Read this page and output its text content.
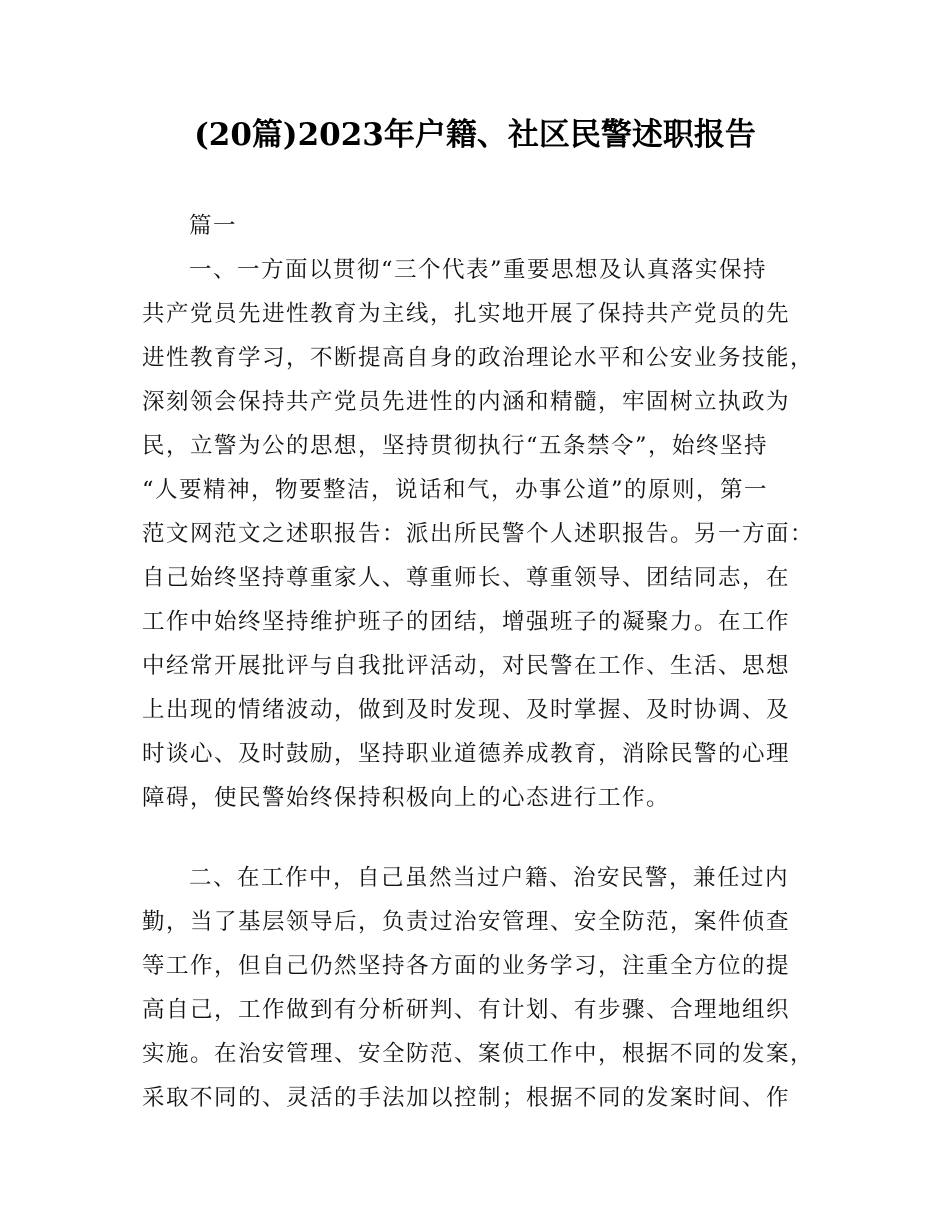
(20篇)2023年户籍、社区民警述职报告
篇一
一、一方面以贯彻“三个代表”重要思想及认真落实保持
共产党员先进性教育为主线，扎实地开展了保持共产党员的先
进性教育学习，不断提高自身的政治理论水平和公安业务技能，
深刻领会保持共产党员先进性的内涵和精髓，牢固树立执政为
民，立警为公的思想，坚持贯彻执行“五条禁令”，始终坚持
“人要精神，物要整洁，说话和气，办事公道”的原则，第一
范文网范文之述职报告：派出所民警个人述职报告。另一方面：
自己始终坚持尊重家人、尊重师长、尊重领导、团结同志，在
工作中始终坚持维护班子的团结，增强班子的凝聚力。在工作
中经常开展批评与自我批评活动，对民警在工作、生活、思想
上出现的情绪波动，做到及时发现、及时掌握、及时协调、及
时谈心、及时鼓励，坚持职业道德养成教育，消除民警的心理
障碍，使民警始终保持积极向上的心态进行工作。
二、在工作中，自己虽然当过户籍、治安民警，兼任过内
勤，当了基层领导后，负责过治安管理、安全防范，案件侦查
等工作，但自己仍然坚持各方面的业务学习，注重全方位的提
高自己，工作做到有分析研判、有计划、有步骤、合理地组织
实施。在治安管理、安全防范、案侦工作中，根据不同的发案，
采取不同的、灵活的手法加以控制；根据不同的发案时间、作
